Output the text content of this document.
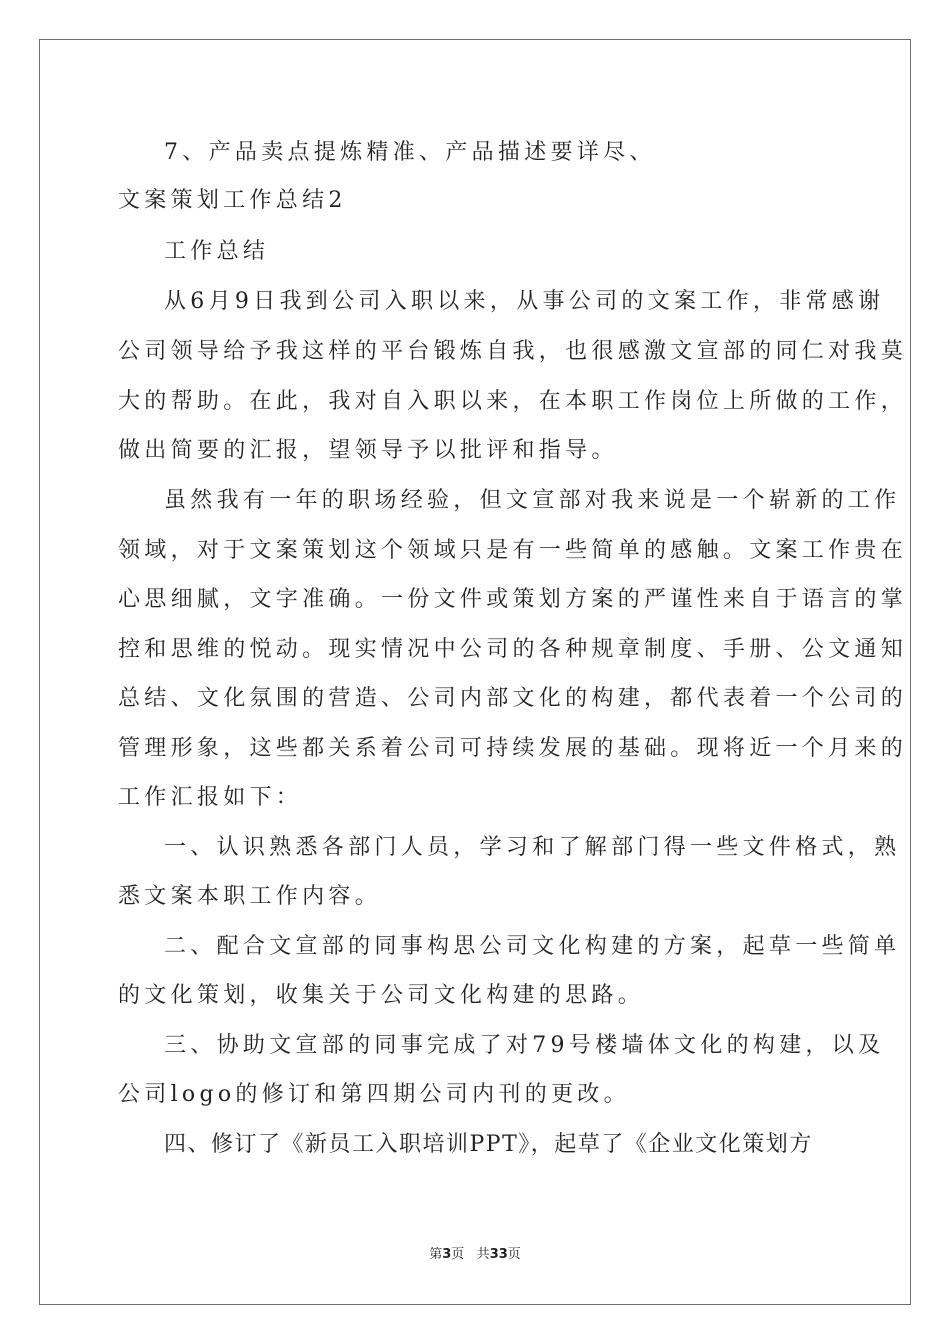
7、产品卖点提炼精准、产品描述要详尽、
文案策划工作总结2
工作总结
从6月9日我到公司入职以来，从事公司的文案工作，非常感谢
公司领导给予我这样的平台锻炼自我，也很感激文宣部的同仁对我莫
大的帮助。在此，我对自入职以来，在本职工作岗位上所做的工作，
做出简要的汇报，望领导予以批评和指导。
虽然我有一年的职场经验，但文宣部对我来说是一个崭新的工作
领域，对于文案策划这个领域只是有一些简单的感触。文案工作贵在
心思细腻，文字准确。一份文件或策划方案的严谨性来自于语言的掌
控和思维的悦动。现实情况中公司的各种规章制度、手册、公文通知
总结、文化氛围的营造、公司内部文化的构建，都代表着一个公司的
管理形象，这些都关系着公司可持续发展的基础。现将近一个月来的
工作汇报如下：
一、认识熟悉各部门人员，学习和了解部门得一些文件格式，熟
悉文案本职工作内容。
二、配合文宣部的同事构思公司文化构建的方案，起草一些简单
的文化策划，收集关于公司文化构建的思路。
三、协助文宣部的同事完成了对79号楼墙体文化的构建，以及
公司logo的修订和第四期公司内刊的更改。
四、修订了《新员工入职培训PPT》，起草了《企业文化策划方
第3页 共33页
